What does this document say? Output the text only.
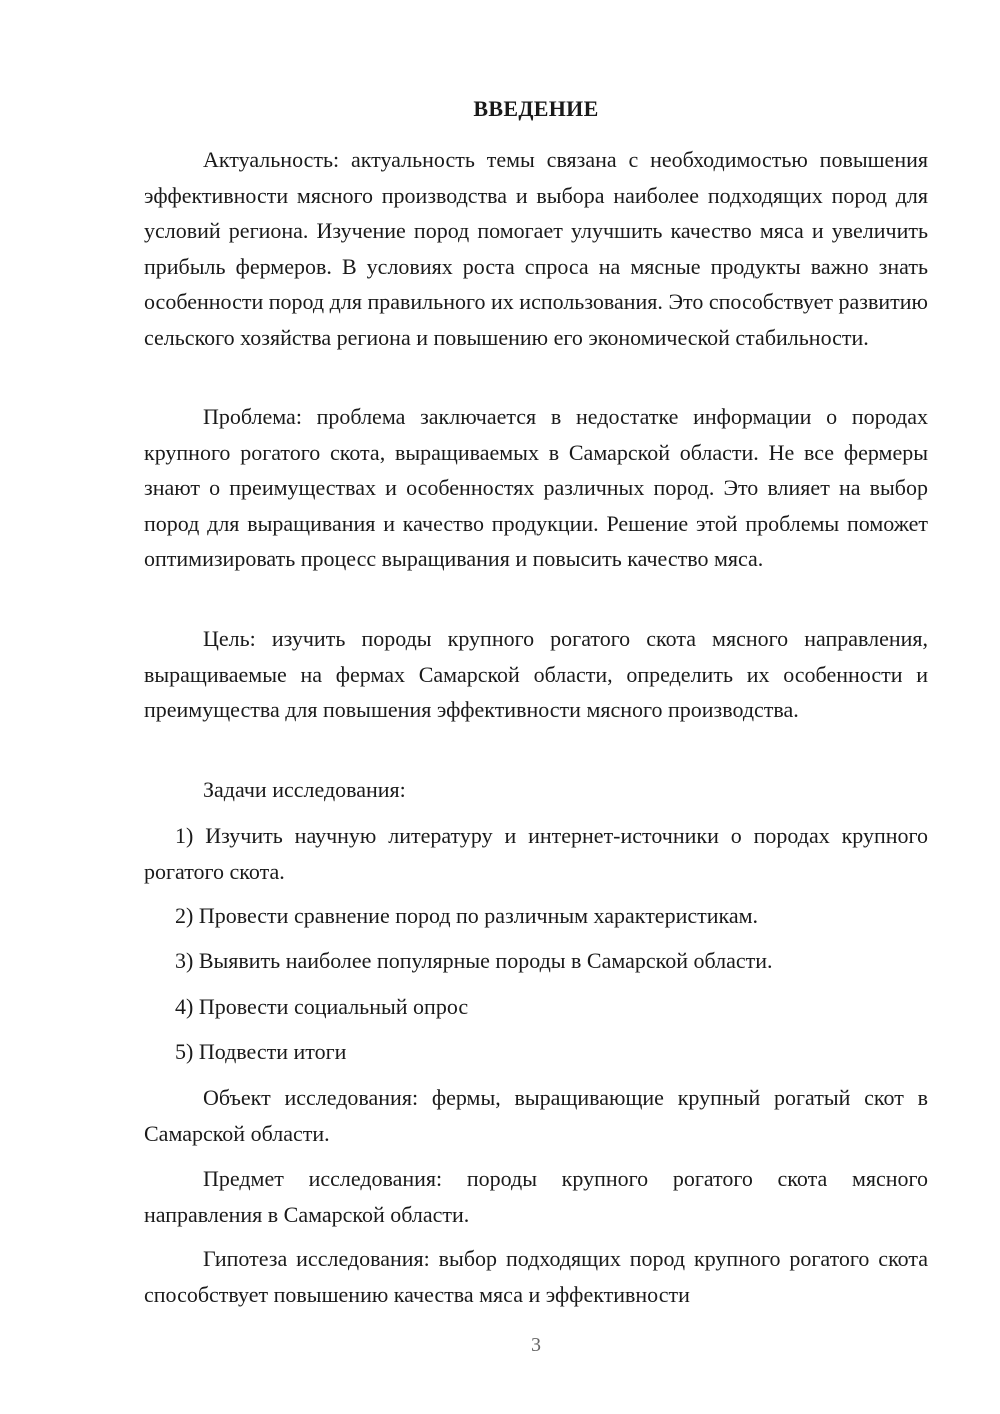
ВВЕДЕНИЕ

Актуальность: актуальность темы связана с необходимостью повышения эффективности мясного производства и выбора наиболее подходящих пород для условий региона. Изучение пород помогает улучшить качество мяса и увеличить прибыль фермеров. В условиях роста спроса на мясные продукты важно знать особенности пород для правильного их использования. Это способствует развитию сельского хозяйства региона и повышению его экономической стабильности.

Проблема: проблема заключается в недостатке информации о породах крупного рогатого скота, выращиваемых в Самарской области. Не все фермеры знают о преимуществах и особенностях различных пород. Это влияет на выбор пород для выращивания и качество продукции. Решение этой проблемы поможет оптимизировать процесс выращивания и повысить качество мяса.

Цель: изучить породы крупного рогатого скота мясного направления, выращиваемые на фермах Самарской области, определить их особенности и преимущества для повышения эффективности мясного производства.

Задачи исследования:

1) Изучить научную литературу и интернет-источники о породах крупного рогатого скота.

2) Провести сравнение пород по различным характеристикам.

3) Выявить наиболее популярные породы в Самарской области.

4) Провести социальный опрос

5) Подвести итоги

Объект исследования: фермы, выращивающие крупный рогатый скот в Самарской области.

Предмет исследования: породы крупного рогатого скота мясного направления в Самарской области.

Гипотеза исследования: выбор подходящих пород крупного рогатого скота способствует повышению качества мяса и эффективности

3
